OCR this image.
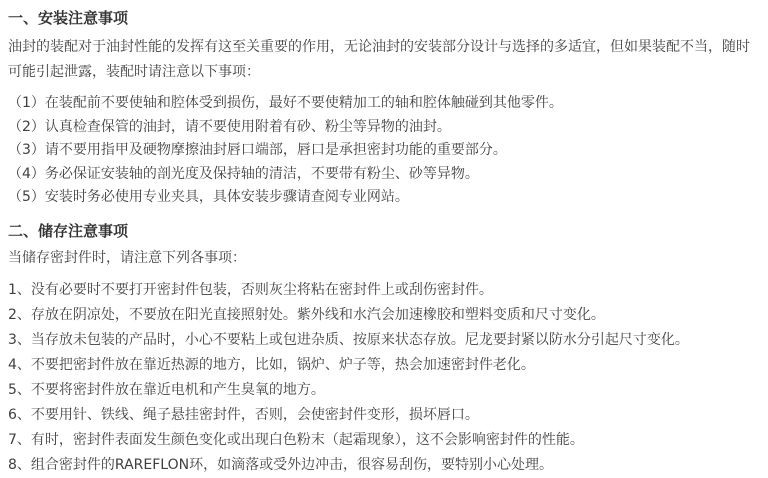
一、安装注意事项

油封的装配对于油封性能的发挥有这至关重要的作用，无论油封的安装部分设计与选择的多适宜，但如果装配不当，随时可能引起泄露，装配时请注意以下事项：

（1）在装配前不要使轴和腔体受到损伤，最好不要使精加工的轴和腔体触碰到其他零件。

（2）认真检查保管的油封，请不要使用附着有砂、粉尘等异物的油封。

（3）请不要用指甲及硬物摩擦油封唇口端部，唇口是承担密封功能的重要部分。

（4）务必保证安装轴的剖光度及保持轴的清洁，不要带有粉尘、砂等异物。

（5）安装时务必使用专业夹具，具体安装步骤请查阅专业网站。

二、储存注意事项

当储存密封件时，请注意下列各事项：

1、没有必要时不要打开密封件包装，否则灰尘将粘在密封件上或刮伤密封件。

2、存放在阴凉处，不要放在阳光直接照射处。紫外线和水汽会加速橡胶和塑料变质和尺寸变化。

3、当存放未包装的产品时，小心不要粘上或包进杂质、按原来状态存放。尼龙要封紧以防水分引起尺寸变化。

4、不要把密封件放在靠近热源的地方，比如，锅炉、炉子等，热会加速密封件老化。

5、不要将密封件放在靠近电机和产生臭氧的地方。

6、不要用针、铁线、绳子悬挂密封件，否则，会使密封件变形，损坏唇口。

7、有时，密封件表面发生颜色变化或出现白色粉末（起霜现象），这不会影响密封件的性能。

8、组合密封件的RAREFLON环，如滴落或受外边冲击，很容易刮伤，要特别小心处理。
